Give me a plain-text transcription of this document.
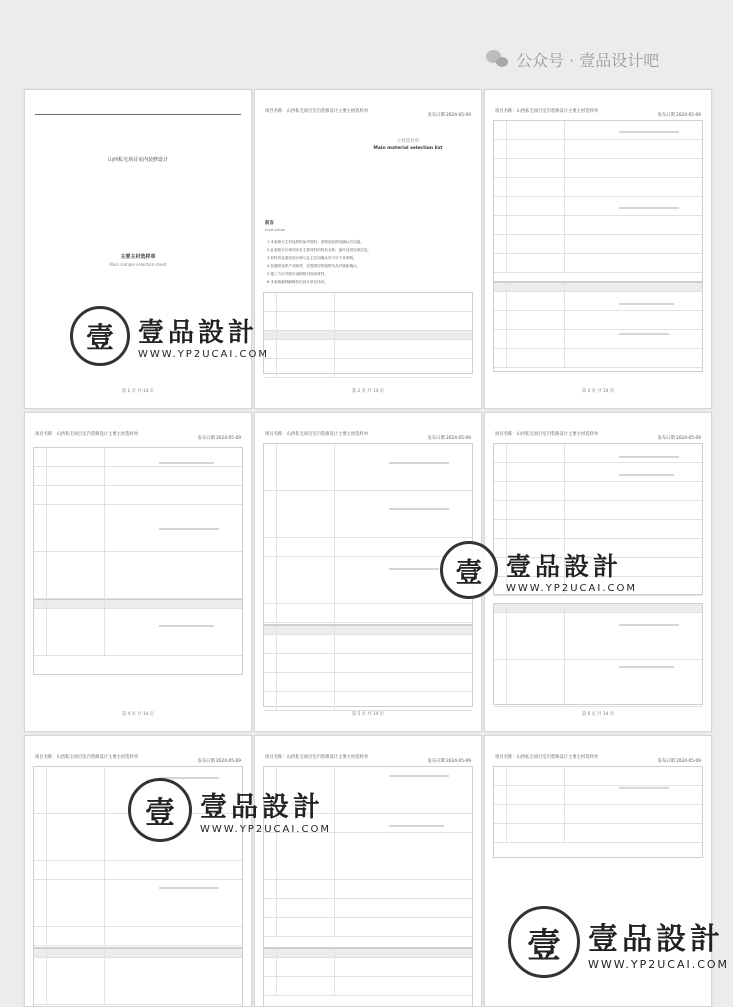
公众号 · 壹品设计吧
山西私宅项目室内装修设计
主要主材选样单
Main sample selection sheet
第 1 页 共 14 页
项目名称：山西私宅项目室内装修设计主要主材选样单
发布日期 2024-05-09
主材选样单
Main material selection list
前言
Instruction
1 本表格为主材选样的参考资料，请按实际情况确认后实施。
2 此表格分区域列出各主要材料的样品名称、编号及供应商信息。
3 材料样品需经设计师与业主共同确认后方可下单采购。
4 如遇样品停产或缺货，应提供同等级替代品并重新确认。
5 施工方应对照本表格核对进场材料。
6 本表格最终解释权归设计单位所有。
第 2 页 共 14 页
项目名称：山西私宅项目室内装修设计主要主材选样单
发布日期 2024-05-09
第 3 页 共 14 页
项目名称：山西私宅项目室内装修设计主要主材选样单
发布日期 2024-05-09
第 4 页 共 14 页
项目名称：山西私宅项目室内装修设计主要主材选样单
发布日期 2024-05-09
第 5 页 共 14 页
项目名称：山西私宅项目室内装修设计主要主材选样单
发布日期 2024-05-09
第 6 页 共 14 页
项目名称：山西私宅项目室内装修设计主要主材选样单
发布日期 2024-05-09
项目名称：山西私宅项目室内装修设计主要主材选样单
发布日期 2024-05-09
项目名称：山西私宅项目室内装修设计主要主材选样单
发布日期 2024-05-09
壹 壹品設計
WWW.YP2UCAI.COM
壹 壹品設計
WWW.YP2UCAI.COM
壹 壹品設計
WWW.YP2UCAI.COM
壹 壹品設計
WWW.YP2UCAI.COM
